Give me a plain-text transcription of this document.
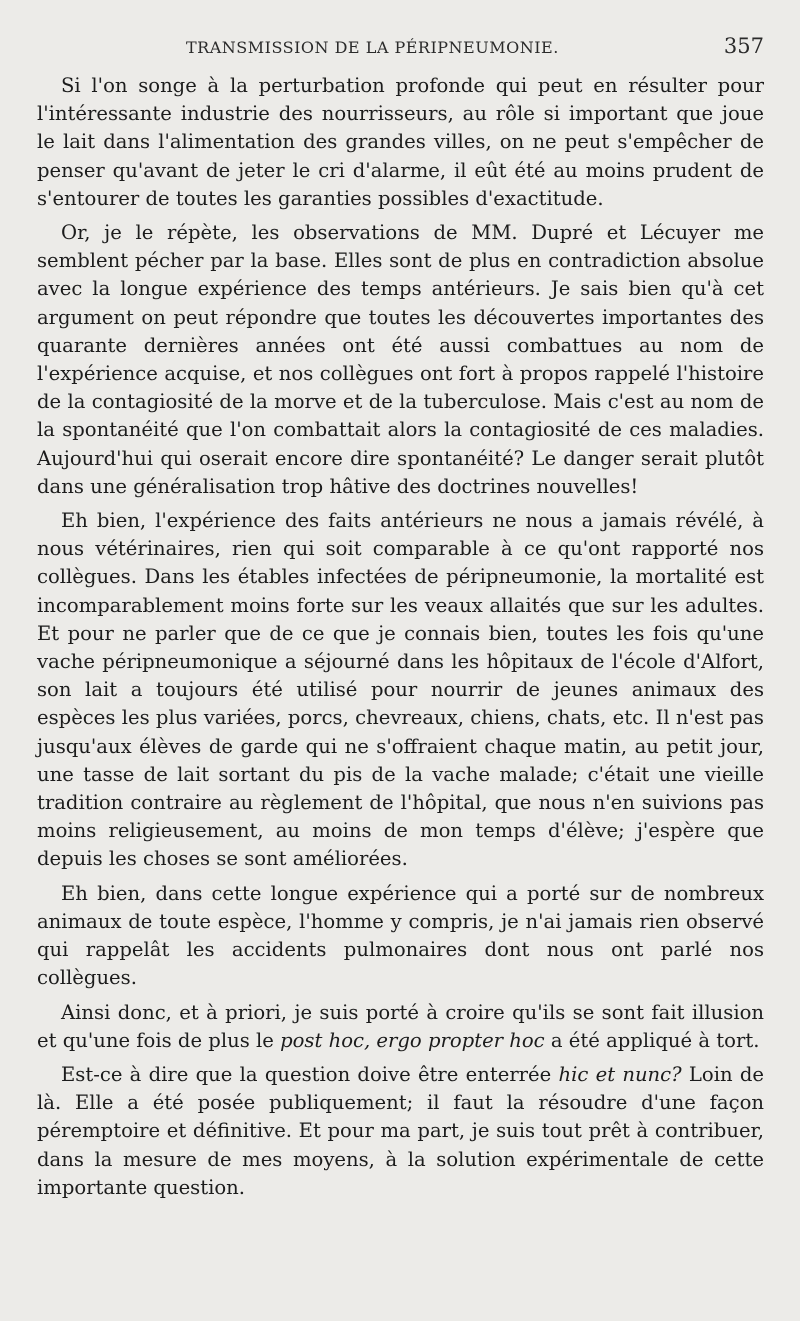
TRANSMISSION DE LA PÉRIPNEUMONIE.	357

Si l'on songe à la perturbation profonde qui peut en résulter pour l'intéressante industrie des nourrisseurs, au rôle si important que joue le lait dans l'alimentation des grandes villes, on ne peut s'empêcher de penser qu'avant de jeter le cri d'alarme, il eût été au moins prudent de s'entourer de toutes les garanties possibles d'exactitude.

Or, je le répète, les observations de MM. Dupré et Lécuyer me semblent pécher par la base. Elles sont de plus en contradiction absolue avec la longue expérience des temps antérieurs. Je sais bien qu'à cet argument on peut répondre que toutes les découvertes importantes des quarante dernières années ont été aussi combattues au nom de l'expérience acquise, et nos collègues ont fort à propos rappelé l'histoire de la contagiosité de la morve et de la tuberculose. Mais c'est au nom de la spontanéité que l'on combattait alors la contagiosité de ces maladies. Aujourd'hui qui oserait encore dire spontanéité? Le danger serait plutôt dans une généralisation trop hâtive des doctrines nouvelles!

Eh bien, l'expérience des faits antérieurs ne nous a jamais révélé, à nous vétérinaires, rien qui soit comparable à ce qu'ont rapporté nos collègues. Dans les étables infectées de péripneumonie, la mortalité est incomparablement moins forte sur les veaux allaités que sur les adultes. Et pour ne parler que de ce que je connais bien, toutes les fois qu'une vache péripneumonique a séjourné dans les hôpitaux de l'école d'Alfort, son lait a toujours été utilisé pour nourrir de jeunes animaux des espèces les plus variées, porcs, chevreaux, chiens, chats, etc. Il n'est pas jusqu'aux élèves de garde qui ne s'offraient chaque matin, au petit jour, une tasse de lait sortant du pis de la vache malade; c'était une vieille tradition contraire au règlement de l'hôpital, que nous n'en suivions pas moins religieusement, au moins de mon temps d'élève; j'espère que depuis les choses se sont améliorées.

Eh bien, dans cette longue expérience qui a porté sur de nombreux animaux de toute espèce, l'homme y compris, je n'ai jamais rien observé qui rappelât les accidents pulmonaires dont nous ont parlé nos collègues.

Ainsi donc, et à priori, je suis porté à croire qu'ils se sont fait illusion et qu'une fois de plus le post hoc, ergo propter hoc a été appliqué à tort.

Est-ce à dire que la question doive être enterrée hic et nunc? Loin de là. Elle a été posée publiquement; il faut la résoudre d'une façon péremptoire et définitive. Et pour ma part, je suis tout prêt à contribuer, dans la mesure de mes moyens, à la solution expérimentale de cette importante question.
